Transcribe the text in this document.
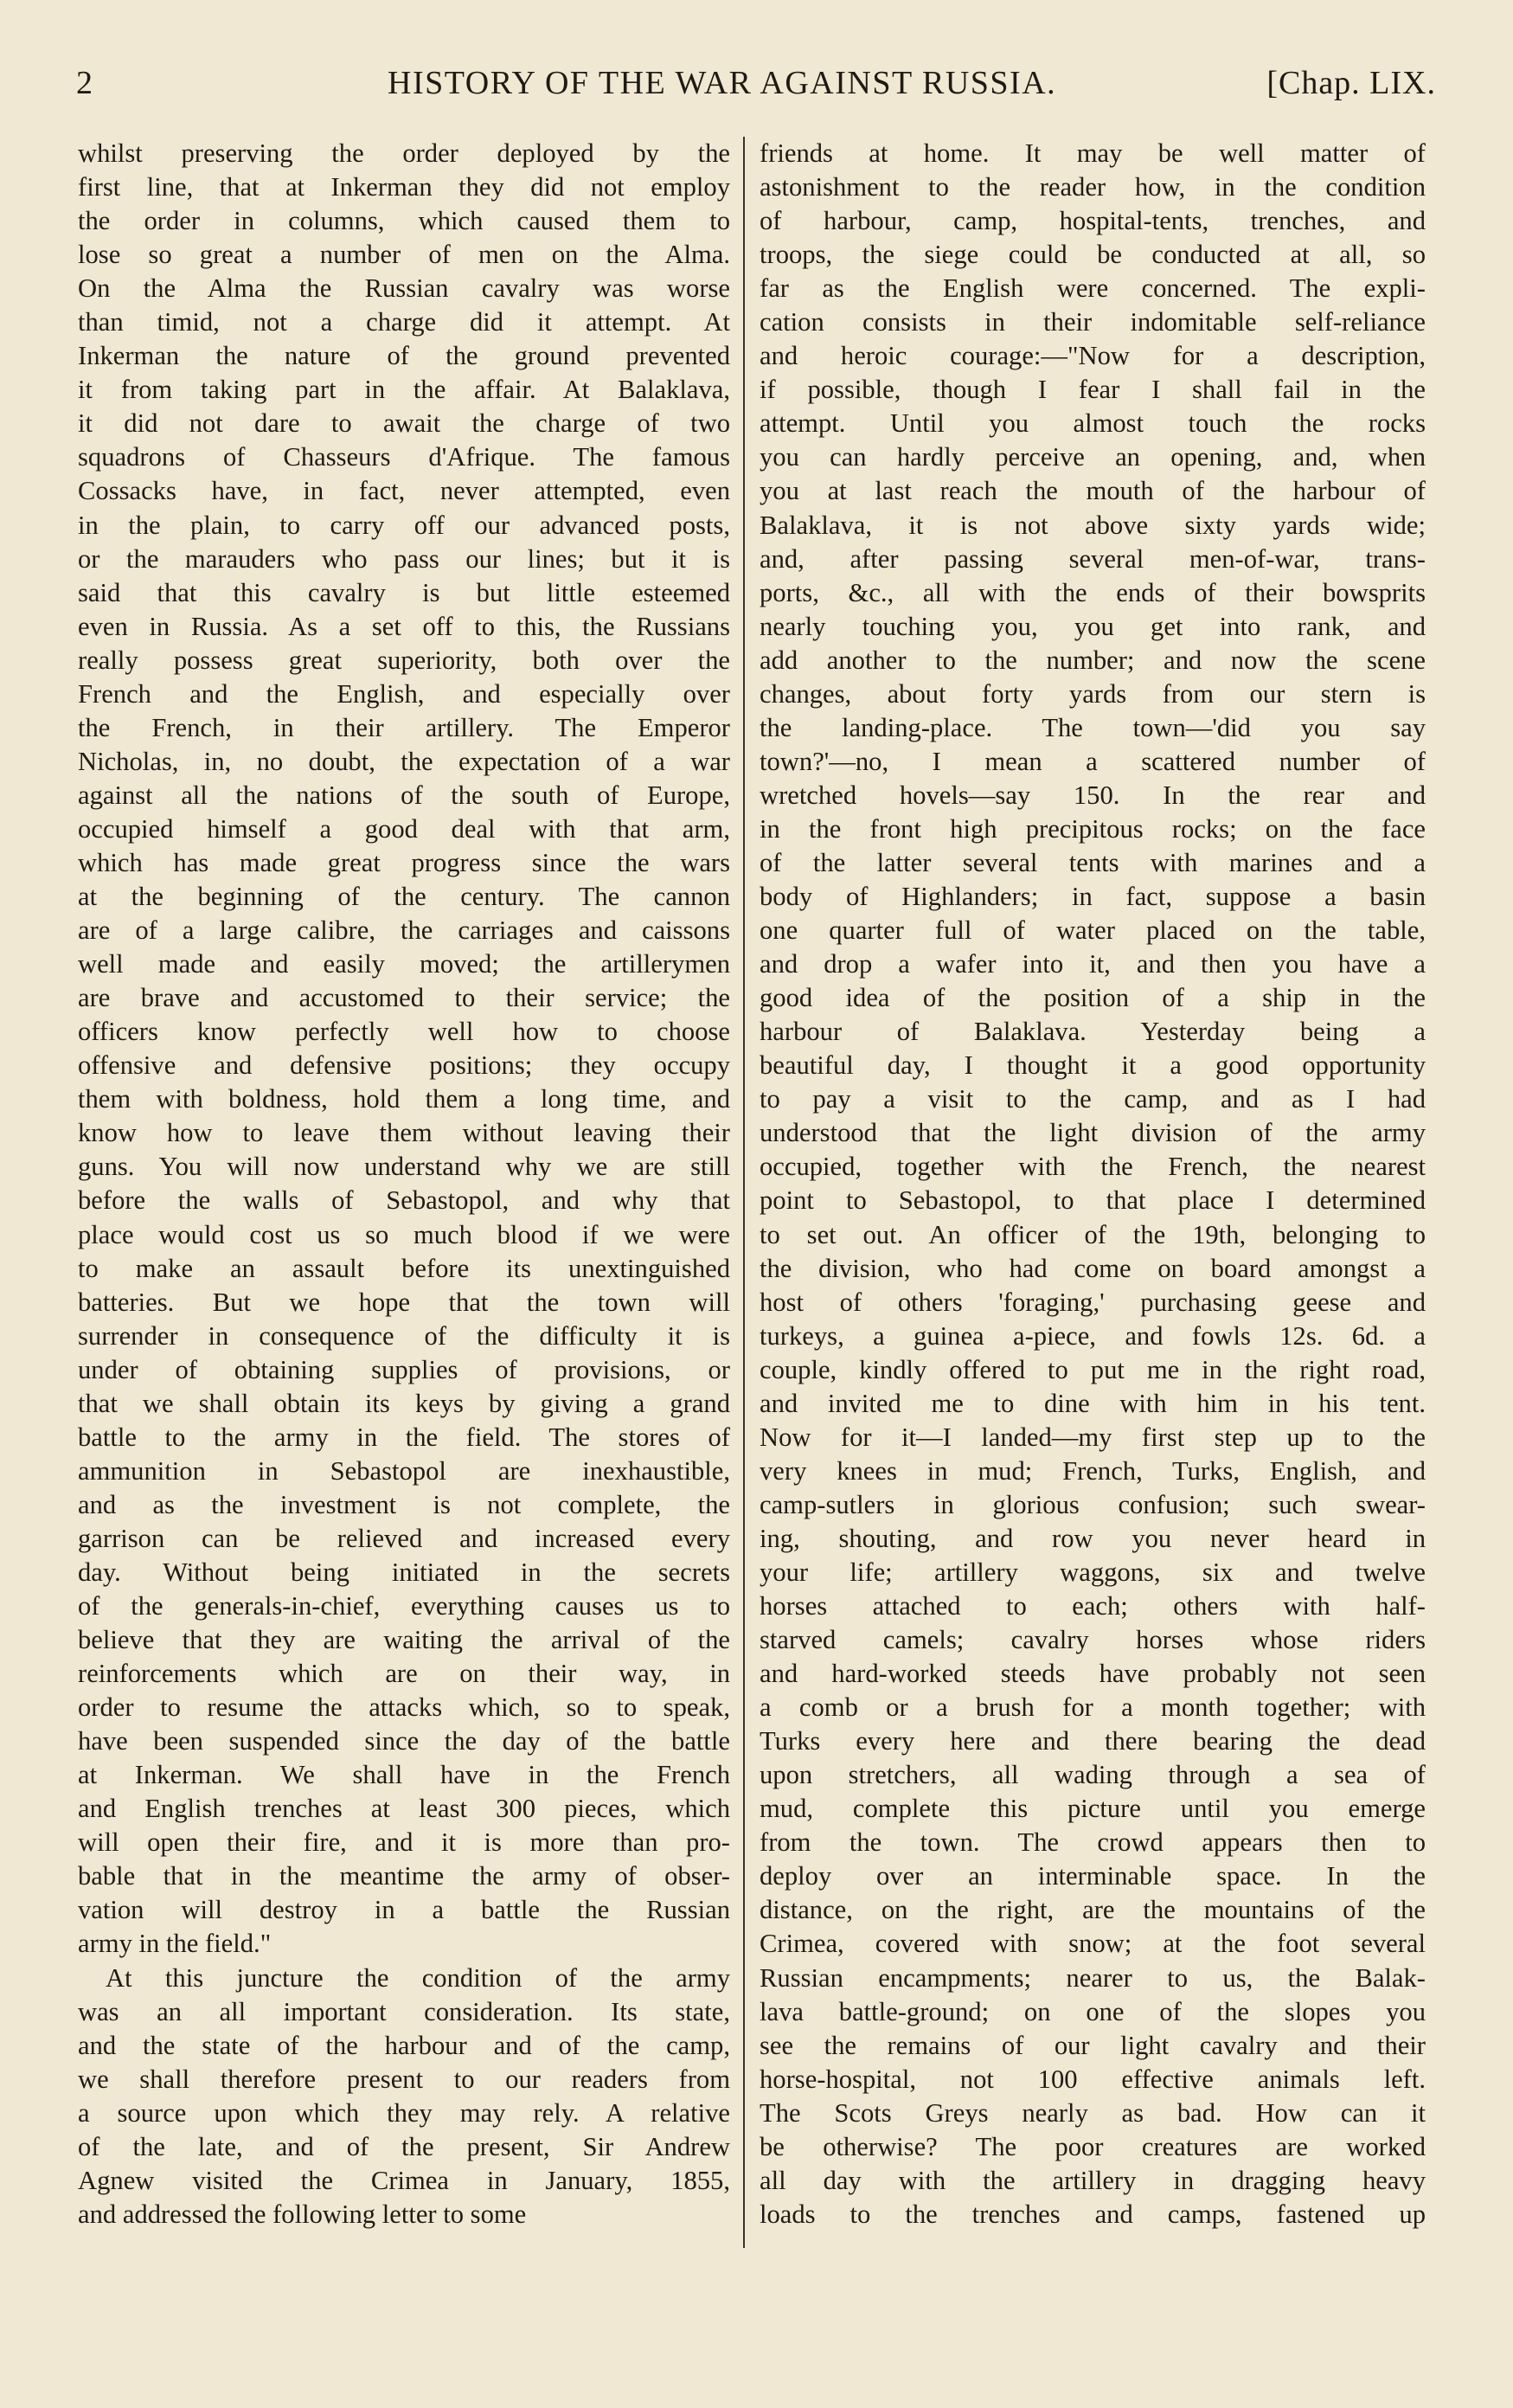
2	HISTORY OF THE WAR AGAINST RUSSIA.	[Chap. LIX.
whilst preserving the order deployed by the
first line, that at Inkerman they did not employ
the order in columns, which caused them to
lose so great a number of men on the Alma.
On the Alma the Russian cavalry was worse
than timid, not a charge did it attempt. At
Inkerman the nature of the ground prevented
it from taking part in the affair. At Balaklava,
it did not dare to await the charge of two
squadrons of Chasseurs d'Afrique. The famous
Cossacks have, in fact, never attempted, even
in the plain, to carry off our advanced posts,
or the marauders who pass our lines; but it is
said that this cavalry is but little esteemed
even in Russia. As a set off to this, the Russians
really possess great superiority, both over the
French and the English, and especially over
the French, in their artillery. The Emperor
Nicholas, in, no doubt, the expectation of a war
against all the nations of the south of Europe,
occupied himself a good deal with that arm,
which has made great progress since the wars
at the beginning of the century. The cannon
are of a large calibre, the carriages and caissons
well made and easily moved; the artillerymen
are brave and accustomed to their service; the
officers know perfectly well how to choose
offensive and defensive positions; they occupy
them with boldness, hold them a long time, and
know how to leave them without leaving their
guns. You will now understand why we are still
before the walls of Sebastopol, and why that
place would cost us so much blood if we were
to make an assault before its unextinguished
batteries. But we hope that the town will
surrender in consequence of the difficulty it is
under of obtaining supplies of provisions, or
that we shall obtain its keys by giving a grand
battle to the army in the field. The stores of
ammunition in Sebastopol are inexhaustible,
and as the investment is not complete, the
garrison can be relieved and increased every
day. Without being initiated in the secrets
of the generals-in-chief, everything causes us to
believe that they are waiting the arrival of the
reinforcements which are on their way, in
order to resume the attacks which, so to speak,
have been suspended since the day of the battle
at Inkerman. We shall have in the French
and English trenches at least 300 pieces, which
will open their fire, and it is more than pro-
bable that in the meantime the army of obser-
vation will destroy in a battle the Russian
army in the field."
At this juncture the condition of the army
was an all important consideration. Its state,
and the state of the harbour and of the camp,
we shall therefore present to our readers from
a source upon which they may rely. A relative
of the late, and of the present, Sir Andrew
Agnew visited the Crimea in January, 1855,
and addressed the following letter to some
friends at home. It may be well matter of
astonishment to the reader how, in the condition
of harbour, camp, hospital-tents, trenches, and
troops, the siege could be conducted at all, so
far as the English were concerned. The expli-
cation consists in their indomitable self-reliance
and heroic courage:—"Now for a description,
if possible, though I fear I shall fail in the
attempt. Until you almost touch the rocks
you can hardly perceive an opening, and, when
you at last reach the mouth of the harbour of
Balaklava, it is not above sixty yards wide;
and, after passing several men-of-war, trans-
ports, &c., all with the ends of their bowsprits
nearly touching you, you get into rank, and
add another to the number; and now the scene
changes, about forty yards from our stern is
the landing-place. The town—'did you say
town?'—no, I mean a scattered number of
wretched hovels—say 150. In the rear and
in the front high precipitous rocks; on the face
of the latter several tents with marines and a
body of Highlanders; in fact, suppose a basin
one quarter full of water placed on the table,
and drop a wafer into it, and then you have a
good idea of the position of a ship in the
harbour of Balaklava. Yesterday being a
beautiful day, I thought it a good opportunity
to pay a visit to the camp, and as I had
understood that the light division of the army
occupied, together with the French, the nearest
point to Sebastopol, to that place I determined
to set out. An officer of the 19th, belonging to
the division, who had come on board amongst a
host of others 'foraging,' purchasing geese and
turkeys, a guinea a-piece, and fowls 12s. 6d. a
couple, kindly offered to put me in the right road,
and invited me to dine with him in his tent.
Now for it—I landed—my first step up to the
very knees in mud; French, Turks, English, and
camp-sutlers in glorious confusion; such swear-
ing, shouting, and row you never heard in
your life; artillery waggons, six and twelve
horses attached to each; others with half-
starved camels; cavalry horses whose riders
and hard-worked steeds have probably not seen
a comb or a brush for a month together; with
Turks every here and there bearing the dead
upon stretchers, all wading through a sea of
mud, complete this picture until you emerge
from the town. The crowd appears then to
deploy over an interminable space. In the
distance, on the right, are the mountains of the
Crimea, covered with snow; at the foot several
Russian encampments; nearer to us, the Balak-
lava battle-ground; on one of the slopes you
see the remains of our light cavalry and their
horse-hospital, not 100 effective animals left.
The Scots Greys nearly as bad. How can it
be otherwise? The poor creatures are worked
all day with the artillery in dragging heavy
loads to the trenches and camps, fastened up
